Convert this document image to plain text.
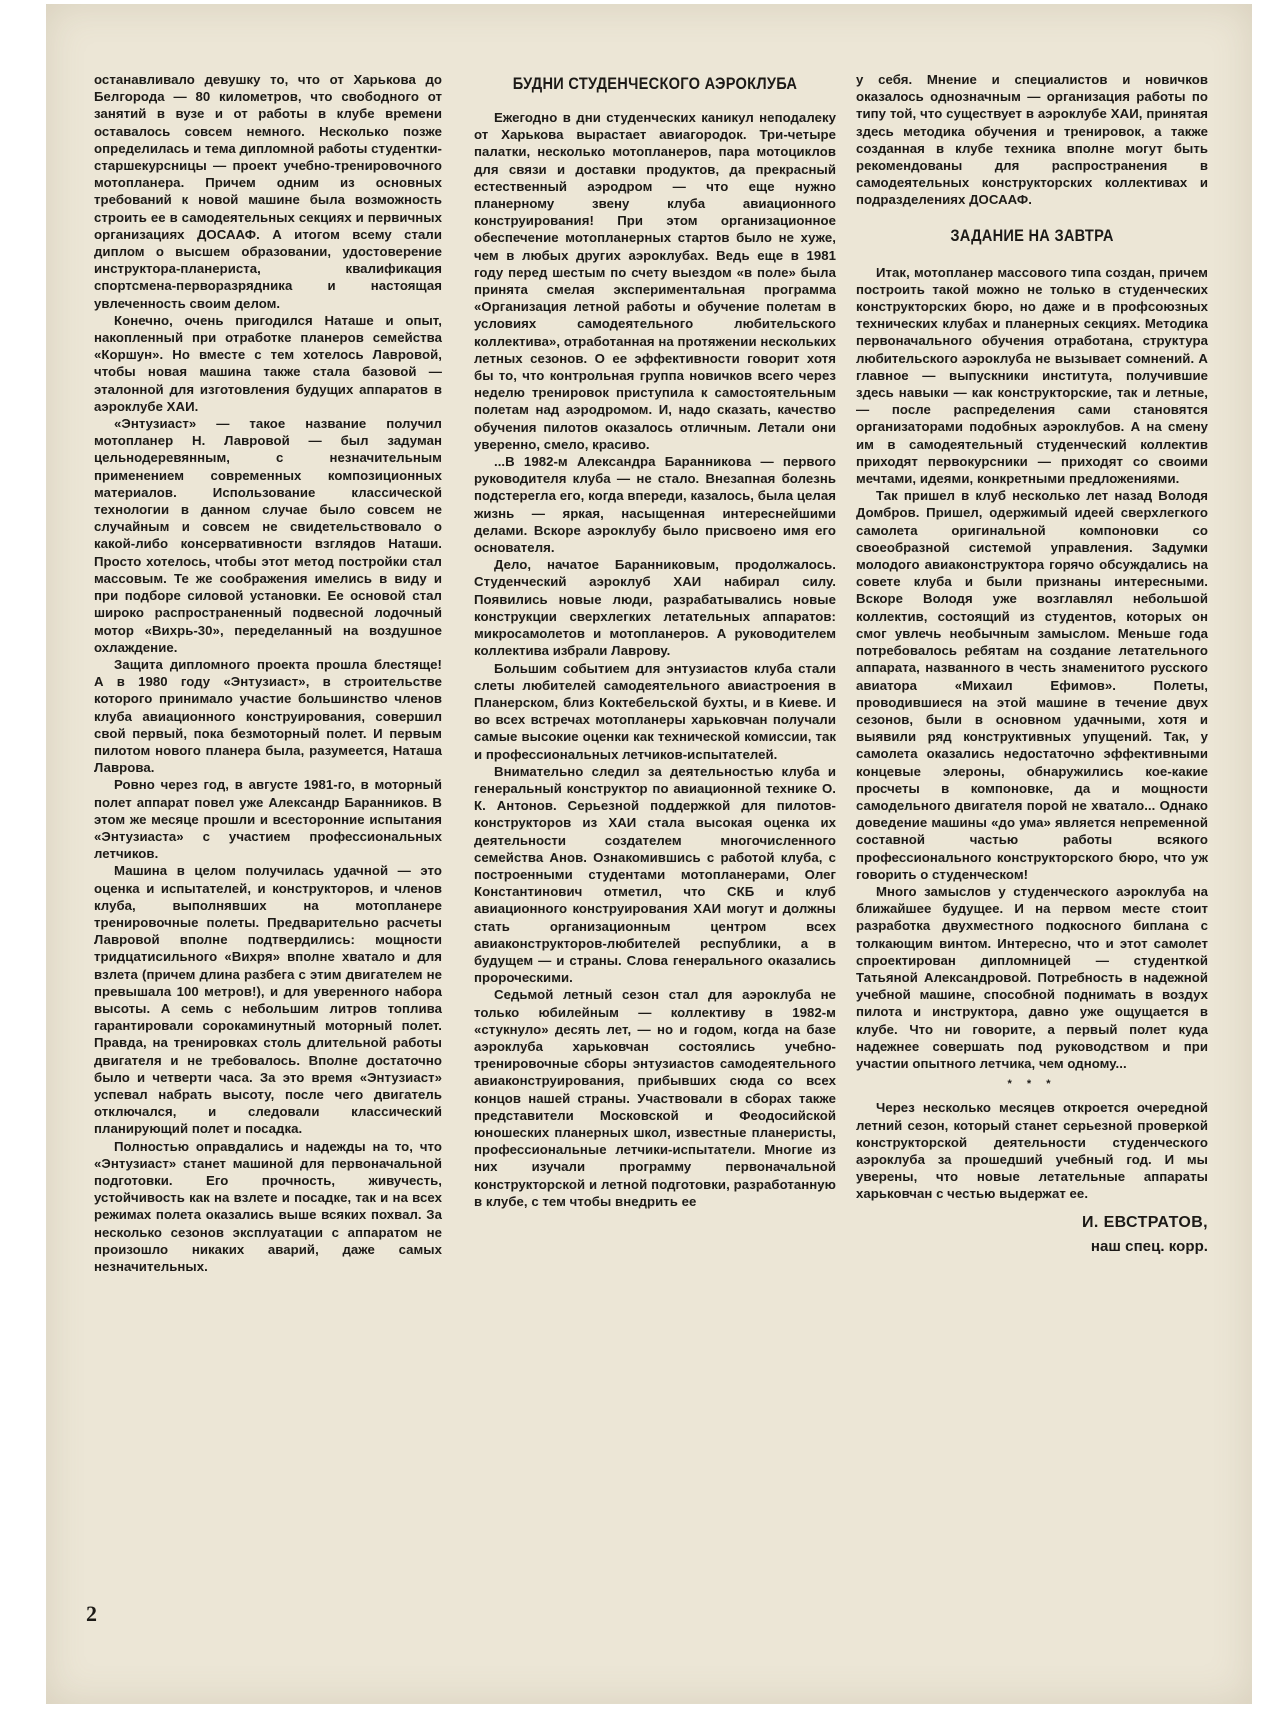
останавливало девушку то, что от Харькова до Белгорода — 80 километров, что свободного от занятий в вузе и от работы в клубе времени оставалось совсем немного. Несколько позже определилась и тема дипломной работы студентки-старшекурсницы — проект учебно-тренировочного мотопланера. Причем одним из основных требований к новой машине была возможность строить ее в самодеятельных секциях и первичных организациях ДОСААФ. А итогом всему стали диплом о высшем образовании, удостоверение инструктора-планериста, квалификация спортсмена-перворазрядника и настоящая увлеченность своим делом.

Конечно, очень пригодился Наташе и опыт, накопленный при отработке планеров семейства «Коршун». Но вместе с тем хотелось Лавровой, чтобы новая машина также стала базовой — эталонной для изготовления будущих аппаратов в аэроклубе ХАИ.

«Энтузиаст» — такое название получил мотопланер Н. Лавровой — был задуман цельнодеревянным, с незначительным применением современных композиционных материалов. Использование классической технологии в данном случае было совсем не случайным и совсем не свидетельствовало о какой-либо консервативности взглядов Наташи. Просто хотелось, чтобы этот метод постройки стал массовым. Те же соображения имелись в виду и при подборе силовой установки. Ее основой стал широко распространенный подвесной лодочный мотор «Вихрь-30», переделанный на воздушное охлаждение.

Защита дипломного проекта прошла блестяще! А в 1980 году «Энтузиаст», в строительстве которого принимало участие большинство членов клуба авиационного конструирования, совершил свой первый, пока безмоторный полет. И первым пилотом нового планера была, разумеется, Наташа Лаврова.

Ровно через год, в августе 1981-го, в моторный полет аппарат повел уже Александр Баранников. В этом же месяце прошли и всесторонние испытания «Энтузиаста» с участием профессиональных летчиков.

Машина в целом получилась удачной — это оценка и испытателей, и конструкторов, и членов клуба, выполнявших на мотопланере тренировочные полеты. Предварительно расчеты Лавровой вполне подтвердились: мощности тридцатисильного «Вихря» вполне хватало и для взлета (причем длина разбега с этим двигателем не превышала 100 метров!), и для уверенного набора высоты. А семь с небольшим литров топлива гарантировали сорокаминутный моторный полет. Правда, на тренировках столь длительной работы двигателя и не требовалось. Вполне достаточно было и четверти часа. За это время «Энтузиаст» успевал набрать высоту, после чего двигатель отключался, и следовали классический планирующий полет и посадка.

Полностью оправдались и надежды на то, что «Энтузиаст» станет машиной для первоначальной подготовки. Его прочность, живучесть, устойчивость как на взлете и посадке, так и на всех режимах полета оказались выше всяких похвал. За несколько сезонов эксплуатации с аппаратом не произошло никаких аварий, даже самых незначительных.

БУДНИ СТУДЕНЧЕСКОГО АЭРОКЛУБА

Ежегодно в дни студенческих каникул неподалеку от Харькова вырастает авиагородок. Три-четыре палатки, несколько мотопланеров, пара мотоциклов для связи и доставки продуктов, да прекрасный естественный аэродром — что еще нужно планерному звену клуба авиационного конструирования! При этом организационное обеспечение мотопланерных стартов было не хуже, чем в любых других аэроклубах. Ведь еще в 1981 году перед шестым по счету выездом «в поле» была принята смелая экспериментальная программа «Организация летной работы и обучение полетам в условиях самодеятельного любительского коллектива», отработанная на протяжении нескольких летных сезонов. О ее эффективности говорит хотя бы то, что контрольная группа новичков всего через неделю тренировок приступила к самостоятельным полетам над аэродромом. И, надо сказать, качество обучения пилотов оказалось отличным. Летали они уверенно, смело, красиво.

...В 1982-м Александра Баранникова — первого руководителя клуба — не стало. Внезапная болезнь подстерегла его, когда впереди, казалось, была целая жизнь — яркая, насыщенная интереснейшими делами. Вскоре аэроклубу было присвоено имя его основателя.

Дело, начатое Баранниковым, продолжалось. Студенческий аэроклуб ХАИ набирал силу. Появились новые люди, разрабатывались новые конструкции сверхлегких летательных аппаратов: микросамолетов и мотопланеров. А руководителем коллектива избрали Лаврову.

Большим событием для энтузиастов клуба стали слеты любителей самодеятельного авиастроения в Планерском, близ Коктебельской бухты, и в Киеве. И во всех встречах мотопланеры харьковчан получали самые высокие оценки как технической комиссии, так и профессиональных летчиков-испытателей.

Внимательно следил за деятельностью клуба и генеральный конструктор по авиационной технике О. К. Антонов. Серьезной поддержкой для пилотов-конструкторов из ХАИ стала высокая оценка их деятельности создателем многочисленного семейства Анов. Ознакомившись с работой клуба, с построенными студентами мотопланерами, Олег Константинович отметил, что СКБ и клуб авиационного конструирования ХАИ могут и должны стать организационным центром всех авиаконструкторов-любителей республики, а в будущем — и страны. Слова генерального оказались пророческими.

Седьмой летный сезон стал для аэроклуба не только юбилейным — коллективу в 1982-м «стукнуло» десять лет, — но и годом, когда на базе аэроклуба харьковчан состоялись учебно-тренировочные сборы энтузиастов самодеятельного авиаконструирования, прибывших сюда со всех концов нашей страны. Участвовали в сборах также представители Московской и Феодосийской юношеских планерных школ, известные планеристы, профессиональные летчики-испытатели. Многие из них изучали программу первоначальной конструкторской и летной подготовки, разработанную в клубе, с тем чтобы внедрить ее

у себя. Мнение и специалистов и новичков оказалось однозначным — организация работы по типу той, что существует в аэроклубе ХАИ, принятая здесь методика обучения и тренировок, а также созданная в клубе техника вполне могут быть рекомендованы для распространения в самодеятельных конструкторских коллективах и подразделениях ДОСААФ.

ЗАДАНИЕ НА ЗАВТРА

Итак, мотопланер массового типа создан, причем построить такой можно не только в студенческих конструкторских бюро, но даже и в профсоюзных технических клубах и планерных секциях. Методика первоначального обучения отработана, структура любительского аэроклуба не вызывает сомнений. А главное — выпускники института, получившие здесь навыки — как конструкторские, так и летные, — после распределения сами становятся организаторами подобных аэроклубов. А на смену им в самодеятельный студенческий коллектив приходят первокурсники — приходят со своими мечтами, идеями, конкретными предложениями.

Так пришел в клуб несколько лет назад Володя Домбров. Пришел, одержимый идеей сверхлегкого самолета оригинальной компоновки со своеобразной системой управления. Задумки молодого авиаконструктора горячо обсуждались на совете клуба и были признаны интересными. Вскоре Володя уже возглавлял небольшой коллектив, состоящий из студентов, которых он смог увлечь необычным замыслом. Меньше года потребовалось ребятам на создание летательного аппарата, названного в честь знаменитого русского авиатора «Михаил Ефимов». Полеты, проводившиеся на этой машине в течение двух сезонов, были в основном удачными, хотя и выявили ряд конструктивных упущений. Так, у самолета оказались недостаточно эффективными концевые элероны, обнаружились кое-какие просчеты в компоновке, да и мощности самодельного двигателя порой не хватало... Однако доведение машины «до ума» является непременной составной частью работы всякого профессионального конструкторского бюро, что уж говорить о студенческом!

Много замыслов у студенческого аэроклуба на ближайшее будущее. И на первом месте стоит разработка двухместного подкосного биплана с толкающим винтом. Интересно, что и этот самолет спроектирован дипломницей — студенткой Татьяной Александровой. Потребность в надежной учебной машине, способной поднимать в воздух пилота и инструктора, давно уже ощущается в клубе. Что ни говорите, а первый полет куда надежнее совершать под руководством и при участии опытного летчика, чем одному...

* * *

Через несколько месяцев откроется очередной летний сезон, который станет серьезной проверкой конструкторской деятельности студенческого аэроклуба за прошедший учебный год. И мы уверены, что новые летательные аппараты харьковчан с честью выдержат ее.

И. ЕВСТРАТОВ,
наш спец. корр.
2
